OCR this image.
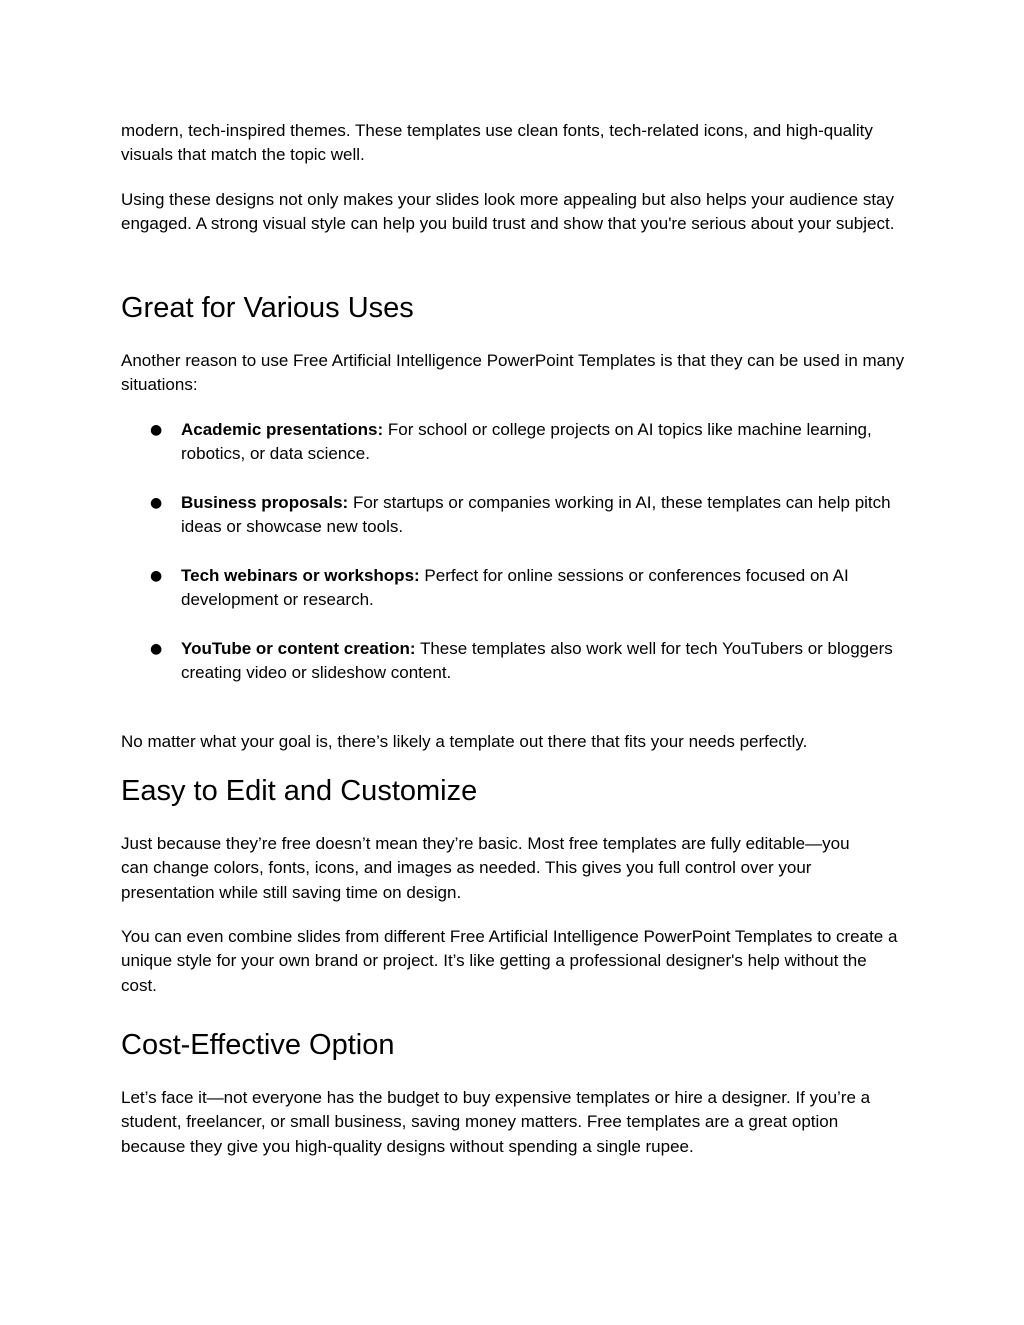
modern, tech-inspired themes. These templates use clean fonts, tech-related icons, and high-quality visuals that match the topic well.

Using these designs not only makes your slides look more appealing but also helps your audience stay engaged. A strong visual style can help you build trust and show that you're serious about your subject.

Great for Various Uses

Another reason to use Free Artificial Intelligence PowerPoint Templates is that they can be used in many situations:

● Academic presentations: For school or college projects on AI topics like machine learning, robotics, or data science.

● Business proposals: For startups or companies working in AI, these templates can help pitch ideas or showcase new tools.

● Tech webinars or workshops: Perfect for online sessions or conferences focused on AI development or research.

● YouTube or content creation: These templates also work well for tech YouTubers or bloggers creating video or slideshow content.

No matter what your goal is, there’s likely a template out there that fits your needs perfectly.

Easy to Edit and Customize

Just because they’re free doesn’t mean they’re basic. Most free templates are fully editable—you can change colors, fonts, icons, and images as needed. This gives you full control over your presentation while still saving time on design.

You can even combine slides from different Free Artificial Intelligence PowerPoint Templates to create a unique style for your own brand or project. It’s like getting a professional designer's help without the cost.

Cost-Effective Option

Let’s face it—not everyone has the budget to buy expensive templates or hire a designer. If you’re a student, freelancer, or small business, saving money matters. Free templates are a great option because they give you high-quality designs without spending a single rupee.
